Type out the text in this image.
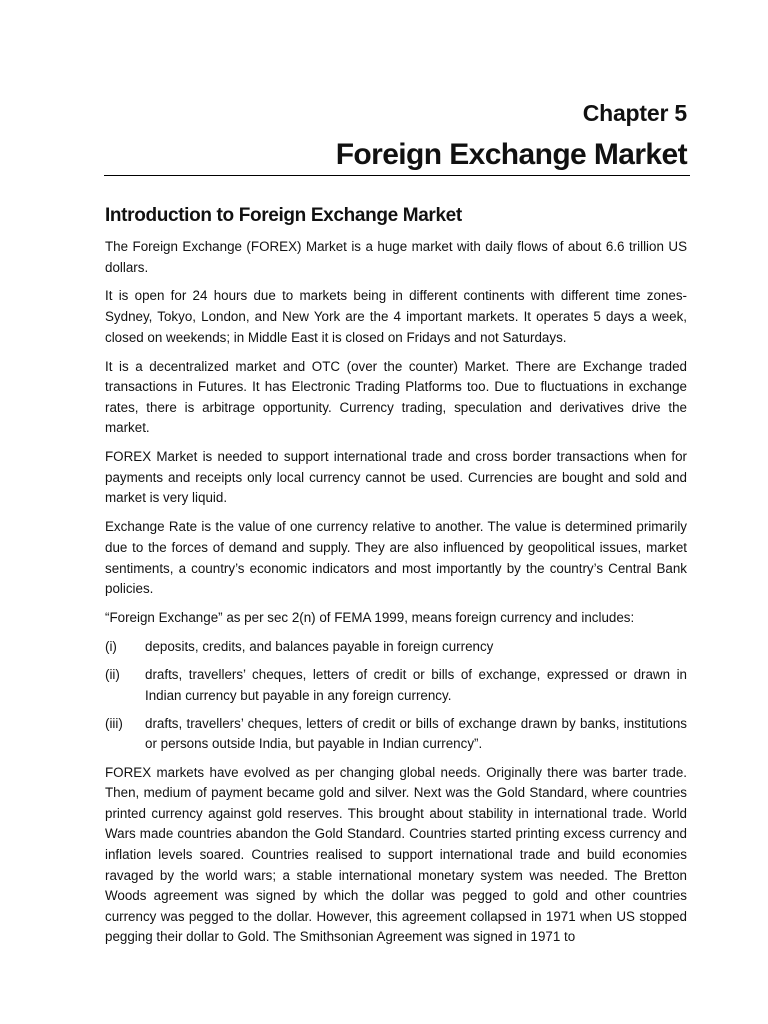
Chapter 5
Foreign Exchange Market
Introduction to Foreign Exchange Market

The Foreign Exchange (FOREX) Market is a huge market with daily flows of about 6.6 trillion US dollars.

It is open for 24 hours due to markets being in different continents with different time zones- Sydney, Tokyo, London, and New York are the 4 important markets. It operates 5 days a week, closed on weekends; in Middle East it is closed on Fridays and not Saturdays.

It is a decentralized market and OTC (over the counter) Market. There are Exchange traded transactions in Futures. It has Electronic Trading Platforms too. Due to fluctuations in exchange rates, there is arbitrage opportunity. Currency trading, speculation and derivatives drive the market.

FOREX Market is needed to support international trade and cross border transactions when for payments and receipts only local currency cannot be used. Currencies are bought and sold and market is very liquid.

Exchange Rate is the value of one currency relative to another. The value is determined primarily due to the forces of demand and supply. They are also influenced by geopolitical issues, market sentiments, a country’s economic indicators and most importantly by the country’s Central Bank policies.

“Foreign Exchange” as per sec 2(n) of FEMA 1999, means foreign currency and includes:

(i)	deposits, credits, and balances payable in foreign currency
(ii)	drafts, travellers’ cheques, letters of credit or bills of exchange, expressed or drawn in Indian currency but payable in any foreign currency.
(iii)	drafts, travellers’ cheques, letters of credit or bills of exchange drawn by banks, institutions or persons outside India, but payable in Indian currency”.

FOREX markets have evolved as per changing global needs. Originally there was barter trade. Then, medium of payment became gold and silver. Next was the Gold Standard, where countries printed currency against gold reserves. This brought about stability in international trade. World Wars made countries abandon the Gold Standard. Countries started printing excess currency and inflation levels soared. Countries realised to support international trade and build economies ravaged by the world wars; a stable international monetary system was needed. The Bretton Woods agreement was signed by which the dollar was pegged to gold and other countries currency was pegged to the dollar. However, this agreement collapsed in 1971 when US stopped pegging their dollar to Gold. The Smithsonian Agreement was signed in 1971 to
